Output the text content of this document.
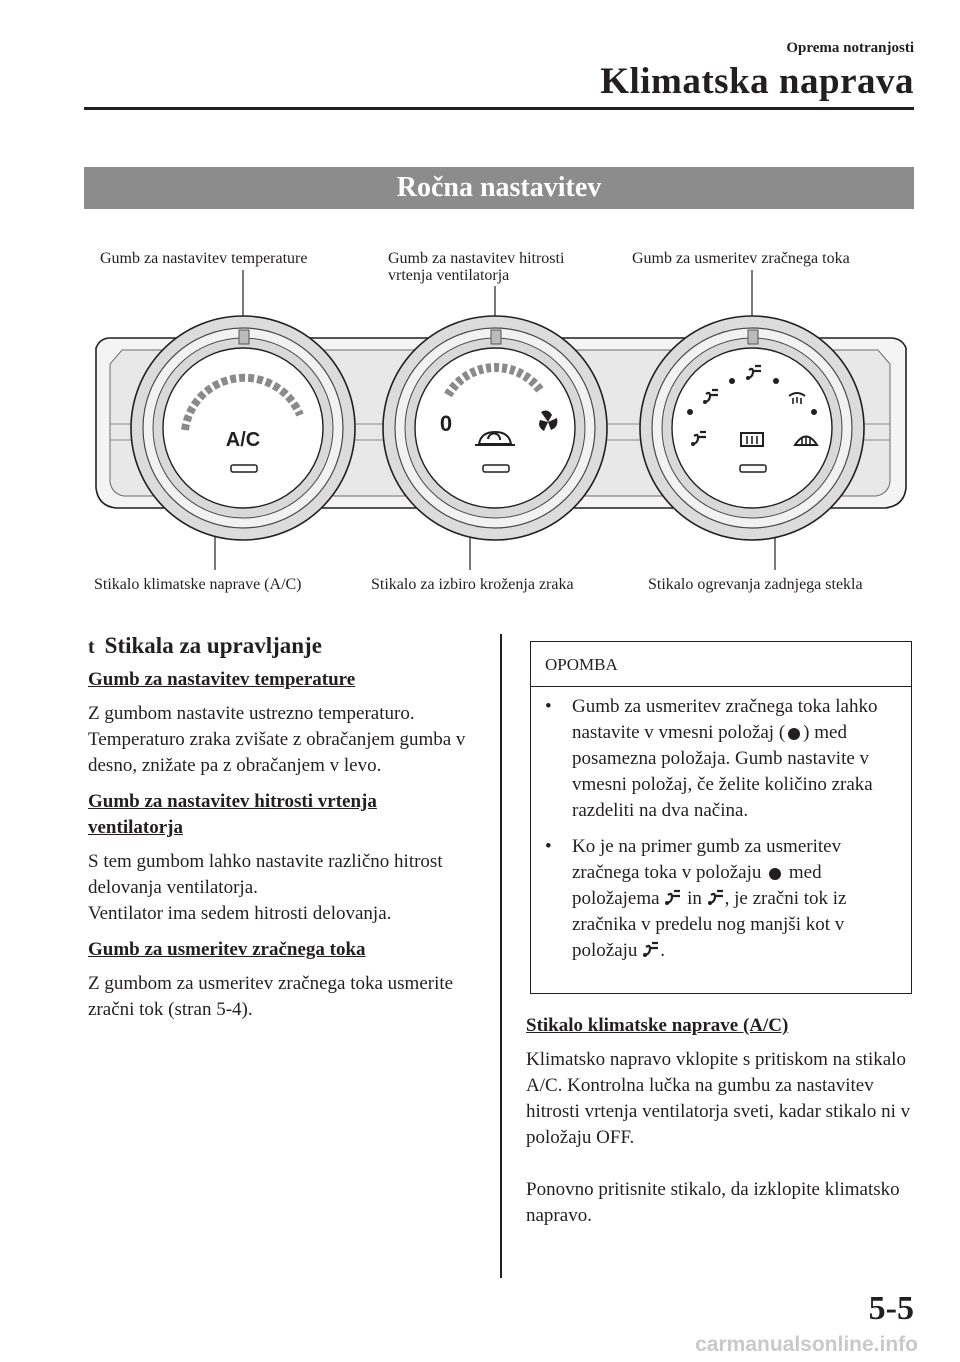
Oprema notranjosti
Klimatska naprava
Ročna nastavitev
Gumb za nastavitev temperature	Gumb za nastavitev hitrosti
vrtenja ventilatorja
Gumb za usmeritev zračnega toka
Stikalo klimatske naprave (A/C)	Stikalo za izbiro kroženja zraka	Stikalo ogrevanja zadnjega stekla
A/C
0
t Stikala za upravljanje
Gumb za nastavitev temperature
Z gumbom nastavite ustrezno temperaturo. Temperaturo zraka zvišate z obračanjem gumba v desno, znižate pa z obračanjem v levo.
Gumb za nastavitev hitrosti vrtenja
ventilatorja
S tem gumbom lahko nastavite različno hitrost delovanja ventilatorja.
Ventilator ima sedem hitrosti delovanja.
Gumb za usmeritev zračnega toka
Z gumbom za usmeritev zračnega toka usmerite zračni tok (stran 5-4).
OPOMBA
• Gumb za usmeritev zračnega toka lahko nastavite v vmesni položaj ( ) med posamezna položaja. Gumb nastavite v vmesni položaj, če želite količino zraka razdeliti na dva načina.
• Ko je na primer gumb za usmeritev zračnega toka v položaju med položajema in , je zračni tok iz zračnika v predelu nog manjši kot v položaju .
Stikalo klimatske naprave (A/C)
Klimatsko napravo vklopite s pritiskom na stikalo A/C. Kontrolna lučka na gumbu za nastavitev hitrosti vrtenja ventilatorja sveti, kadar stikalo ni v položaju OFF.
Ponovno pritisnite stikalo, da izklopite klimatsko napravo.
5-5
carmanualsonline.info
